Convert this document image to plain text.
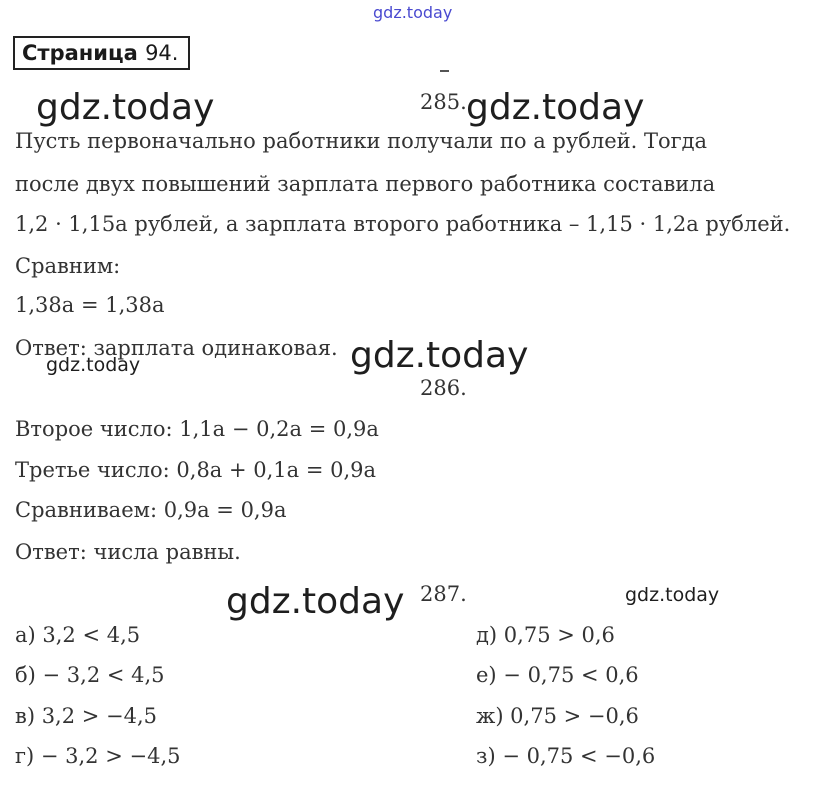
gdz.today
Страница 94.
gdz.today	285. gdz.today
Пусть первоначально работники получали по a рублей. Тогда
после двух повышений зарплата первого работника составила
1,2 · 1,15a рублей, а зарплата второго работника – 1,15 · 1,2a рублей.
Сравним:
1,38a = 1,38a
Ответ: зарплата одинаковая. gdz.today
gdz.today
286.
Второе число: 1,1a − 0,2a = 0,9a
Третье число: 0,8a + 0,1a = 0,9a
Сравниваем: 0,9a = 0,9a
Ответ: числа равны.
gdz.today 287.	gdz.today
а) 3,2 < 4,5
б) − 3,2 < 4,5
в) 3,2 > −4,5
г) − 3,2 > −4,5
д) 0,75 > 0,6
е) − 0,75 < 0,6
ж) 0,75 > −0,6
з) − 0,75 < −0,6
